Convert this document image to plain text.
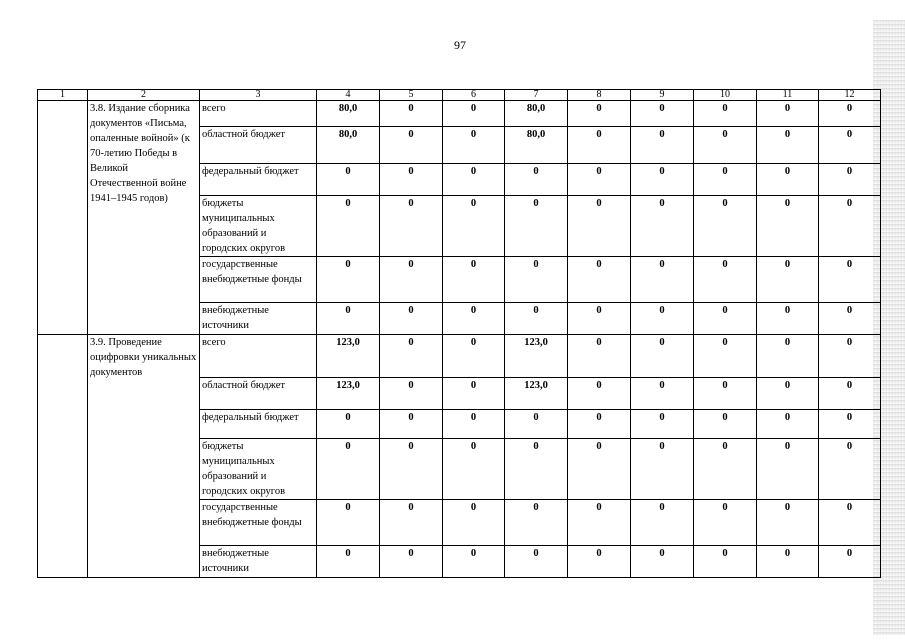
97
1	2	3	4	5	6	7	8	9	10	11	12
	3.8. Издание сборника документов «Письма, опаленные войной» (к 70-летию Победы в Великой Отечественной войне 1941–1945 годов)	всего	80,0	0	0	80,0	0	0	0	0	0
		областной бюджет	80,0	0	0	80,0	0	0	0	0	0
		федеральный бюджет	0	0	0	0	0	0	0	0	0
		бюджеты муниципальных образований и городских округов	0	0	0	0	0	0	0	0	0
		государственные внебюджетные фонды	0	0	0	0	0	0	0	0	0
		внебюджетные источники	0	0	0	0	0	0	0	0	0
	3.9. Проведение оцифровки уникальных документов	всего	123,0	0	0	123,0	0	0	0	0	0
		областной бюджет	123,0	0	0	123,0	0	0	0	0	0
		федеральный бюджет	0	0	0	0	0	0	0	0	0
		бюджеты муниципальных образований и городских округов	0	0	0	0	0	0	0	0	0
		государственные внебюджетные фонды	0	0	0	0	0	0	0	0	0
		внебюджетные источники	0	0	0	0	0	0	0	0	0
